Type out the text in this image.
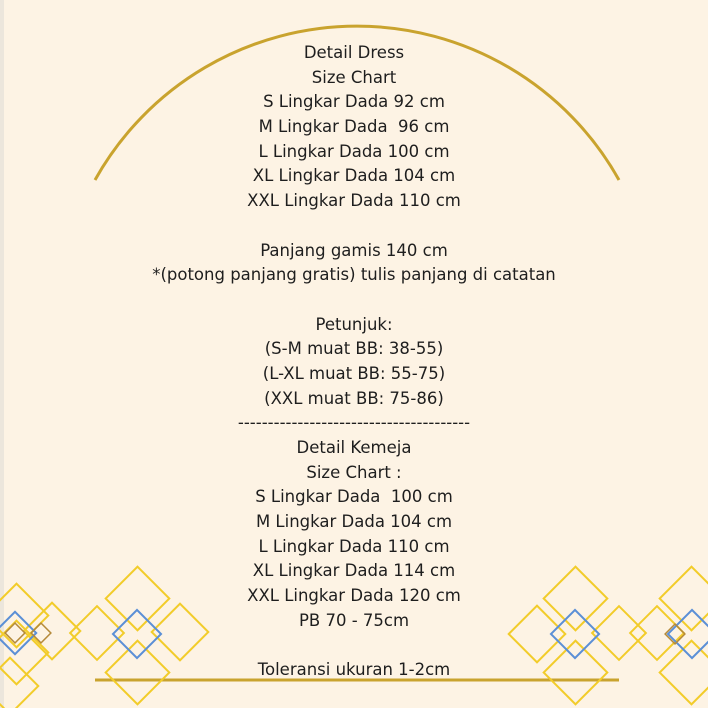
Detail Dress
Size Chart
S Lingkar Dada 92 cm
M Lingkar Dada  96 cm
L Lingkar Dada 100 cm
XL Lingkar Dada 104 cm
XXL Lingkar Dada 110 cm
Panjang gamis 140 cm
*(potong panjang gratis) tulis panjang di catatan
Petunjuk:
(S-M muat BB: 38-55)
(L-XL muat BB: 55-75)
(XXL muat BB: 75-86)
---------------------------------------
Detail Kemeja
Size Chart :
S Lingkar Dada  100 cm
M Lingkar Dada 104 cm
L Lingkar Dada 110 cm
XL Lingkar Dada 114 cm
XXL Lingkar Dada 120 cm
PB 70 - 75cm
Toleransi ukuran 1-2cm
